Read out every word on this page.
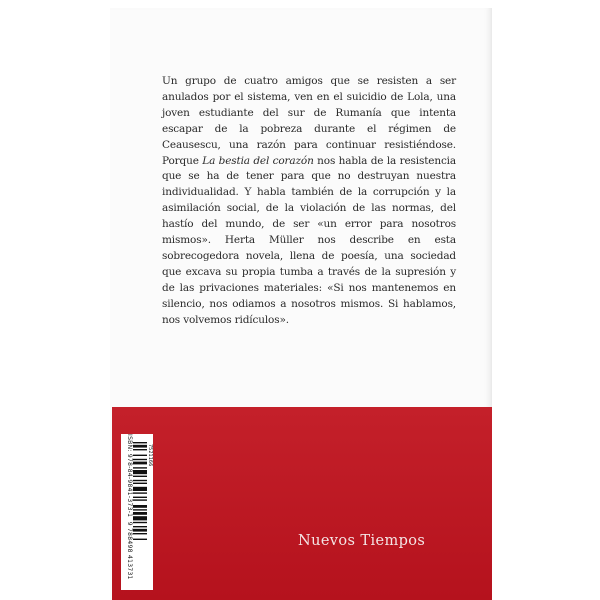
Un grupo de cuatro amigos que se resisten a ser anulados por el sistema, ven en el suicidio de Lola, una joven estudiante del sur de Rumanía que intenta escapar de la pobreza durante el régimen de Ceausescu, una razón para continuar resistiéndose. Porque La bestia del corazón nos habla de la resistencia que se ha de tener para que no destruyan nuestra individualidad. Y habla también de la corrupción y la asimilación social, de la violación de las normas, del hastío del mundo, de ser «un error para nosotros mismos». Herta Müller nos describe en esta sobrecogedora novela, llena de poesía, una sociedad que excava su propia tumba a través de la supresión y de las privaciones materiales: «Si nos mantenemos en silencio, nos odiamos a nosotros mismos. Si hablamos, nos volvemos ridículos».

ISBN: 978-84-9841-373-1  9 788498 413731
7521166
Nuevos Tiempos
